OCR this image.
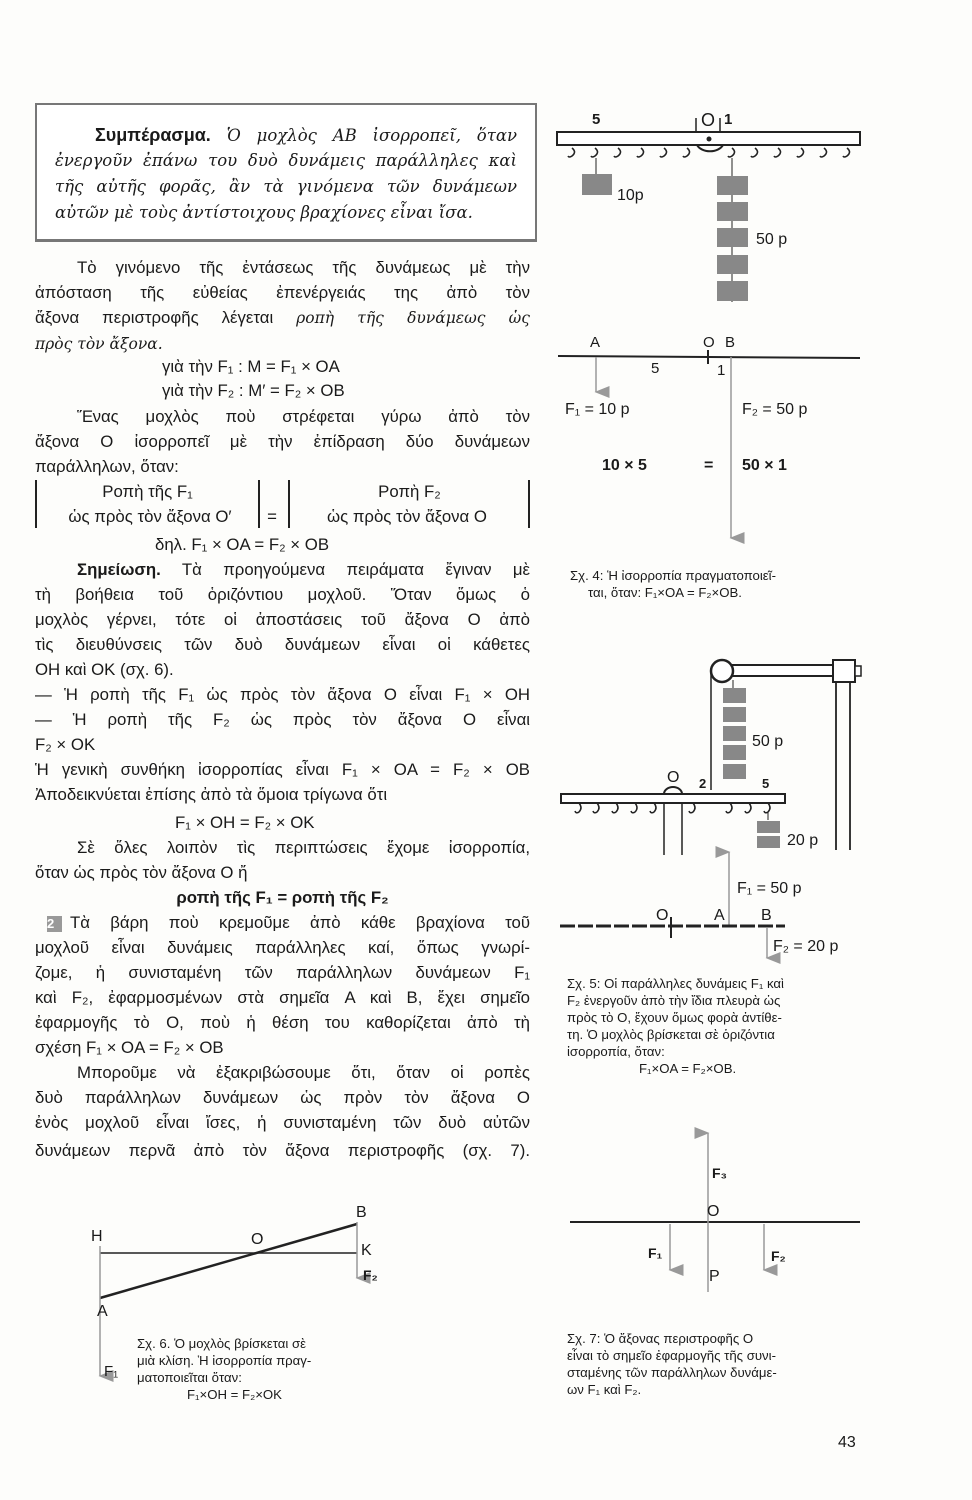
Συμπέρασμα. Ὁ μοχλὸς AB ἰσορροπεῖ, ὅταν
ἐνεργοῦν ἐπάνω του δυὸ δυνάμεις παράλληλες καὶ
τῆς αὐτῆς φορᾶς, ἂν τὰ γινόμενα τῶν δυνάμεων
αὐτῶν μὲ τοὺς ἀντίστοιχους βραχίονες εἶναι ἴσα.
Τὸ γινόμενο τῆς ἐντάσεως τῆς δυνάμεως μὲ τὴν
ἀπόσταση τῆς εὐθείας ἐπενέργειάς της ἀπὸ τὸν
ἄξονα περιστροφῆς λέγεται ροπὴ τῆς δυνάμεως ὡς
πρὸς τὸν ἄξονα.
γιὰ τὴν F₁ : M = F₁ × OA
γιὰ τὴν F₂ : M′ = F₂ × OB
Ἕνας μοχλὸς ποὺ στρέφεται γύρω ἀπὸ τὸν
ἄξονα O ἰσορροπεῖ μὲ τὴν ἐπίδραση δύο δυνάμεων
παράλληλων, ὅταν:
Ροπὴ τῆς F₁
ὡς πρὸς τὸν ἄξονα O′	=
Ροπὴ F₂
ὡς πρὸς τὸν ἄξονα O
δηλ. F₁ × OA = F₂ × OB
Σημείωση. Τὰ προηγούμενα πειράματα ἔγιναν μὲ
τὴ βοήθεια τοῦ ὁριζόντιου μοχλοῦ. Ὅταν ὅμως ὁ
μοχλὸς γέρνει, τότε οἱ ἀποστάσεις τοῦ ἄξονα O ἀπὸ
τὶς διευθύνσεις τῶν δυὸ δυνάμεων εἶναι οἱ κάθετες
OH καὶ OK (σχ. 6).
— Ἡ ροπὴ τῆς F₁ ὡς πρὸς τὸν ἄξονα O εἶναι F₁ × OH
— Ἡ ροπὴ τῆς F₂ ὡς πρὸς τὸν ἄξονα O εἶναι
F₂ × OK
Ἡ γενικὴ συνθήκη ἰσορροπίας εἶναι F₁ × OA = F₂ × OB
Ἀποδεικνύεται ἐπίσης ἀπὸ τὰ ὅμοια τρίγωνα ὅτι
F₁ × OH = F₂ × OK
Σὲ ὅλες λοιπὸν τὶς περιπτώσεις ἔχομε ἰσορροπία,
ὅταν ὡς πρὸς τὸν ἄξονα O ἤ
ροπὴ τῆς F₁ = ροπὴ τῆς F₂
2 Τὰ βάρη ποὺ κρεμοῦμε ἀπὸ κάθε βραχίονα τοῦ
μοχλοῦ εἶναι δυνάμεις παράλληλες καί, ὅπως γνωρί-
ζομε, ἡ συνισταμένη τῶν παράλληλων δυνάμεων F₁
καὶ F₂, ἐφαρμοσμένων στὰ σημεῖα A καὶ B, ἔχει σημεῖο
ἐφαρμογῆς τὸ O, ποὺ ἡ θέση του καθορίζεται ἀπὸ τὴ
σχέση F₁ × OA = F₂ × OB
Μποροῦμε νὰ ἐξακριβώσουμε ὅτι, ὅταν οἱ ροπὲς
δυὸ παράλληλων δυνάμεων ὡς πρὸν τὸν ἄξονα O
ἐνὸς μοχλοῦ εἶναι ἴσες, ἡ συνισταμένη τῶν δυὸ αὐτῶν
δυνάμεων περνᾶ ἀπὸ τὸν ἄξονα περιστροφῆς (σχ. 7).
5	O 1
10p
50 p
A	O B
5	1
F₁ = 10 p	F₂ = 50 p
10 × 5	= 50 × 1
50 p
O 2	5
20 p
F₁ = 50 p
O	A B
F₂ = 20 p
H	O
B
K
F₂
A
F₁
F₃
O
F₁	F₂
P
Σχ. 4: Ἡ ἰσορροπία πραγματοποιεῖ-
ται, ὅταν: F₁×OA = F₂×OB.
Σχ. 5: Οἱ παράλληλες δυνάμεις F₁ καὶ
F₂ ἐνεργοῦν ἀπὸ τὴν ἴδια πλευρὰ ὡς
πρὸς τὸ O, ἔχουν ὅμως φορὰ ἀντίθε-
τη. Ὁ μοχλὸς βρίσκεται σὲ ὁριζόντια
ἰσορροπία, ὅταν:
F₁×OA = F₂×OB.
Σχ. 6. Ὁ μοχλὸς βρίσκεται σὲ
μιὰ κλίση. Ἡ ἰσορροπία πραγ-
ματοποιεῖται ὅταν:
F₁×OH = F₂×OK
Σχ. 7: Ὁ ἄξονας περιστροφῆς O
εἶναι τὸ σημεῖο ἐφαρμογῆς τῆς συνι-
σταμένης τῶν παράλληλων δυνάμε-
ων F₁ καὶ F₂.
43
